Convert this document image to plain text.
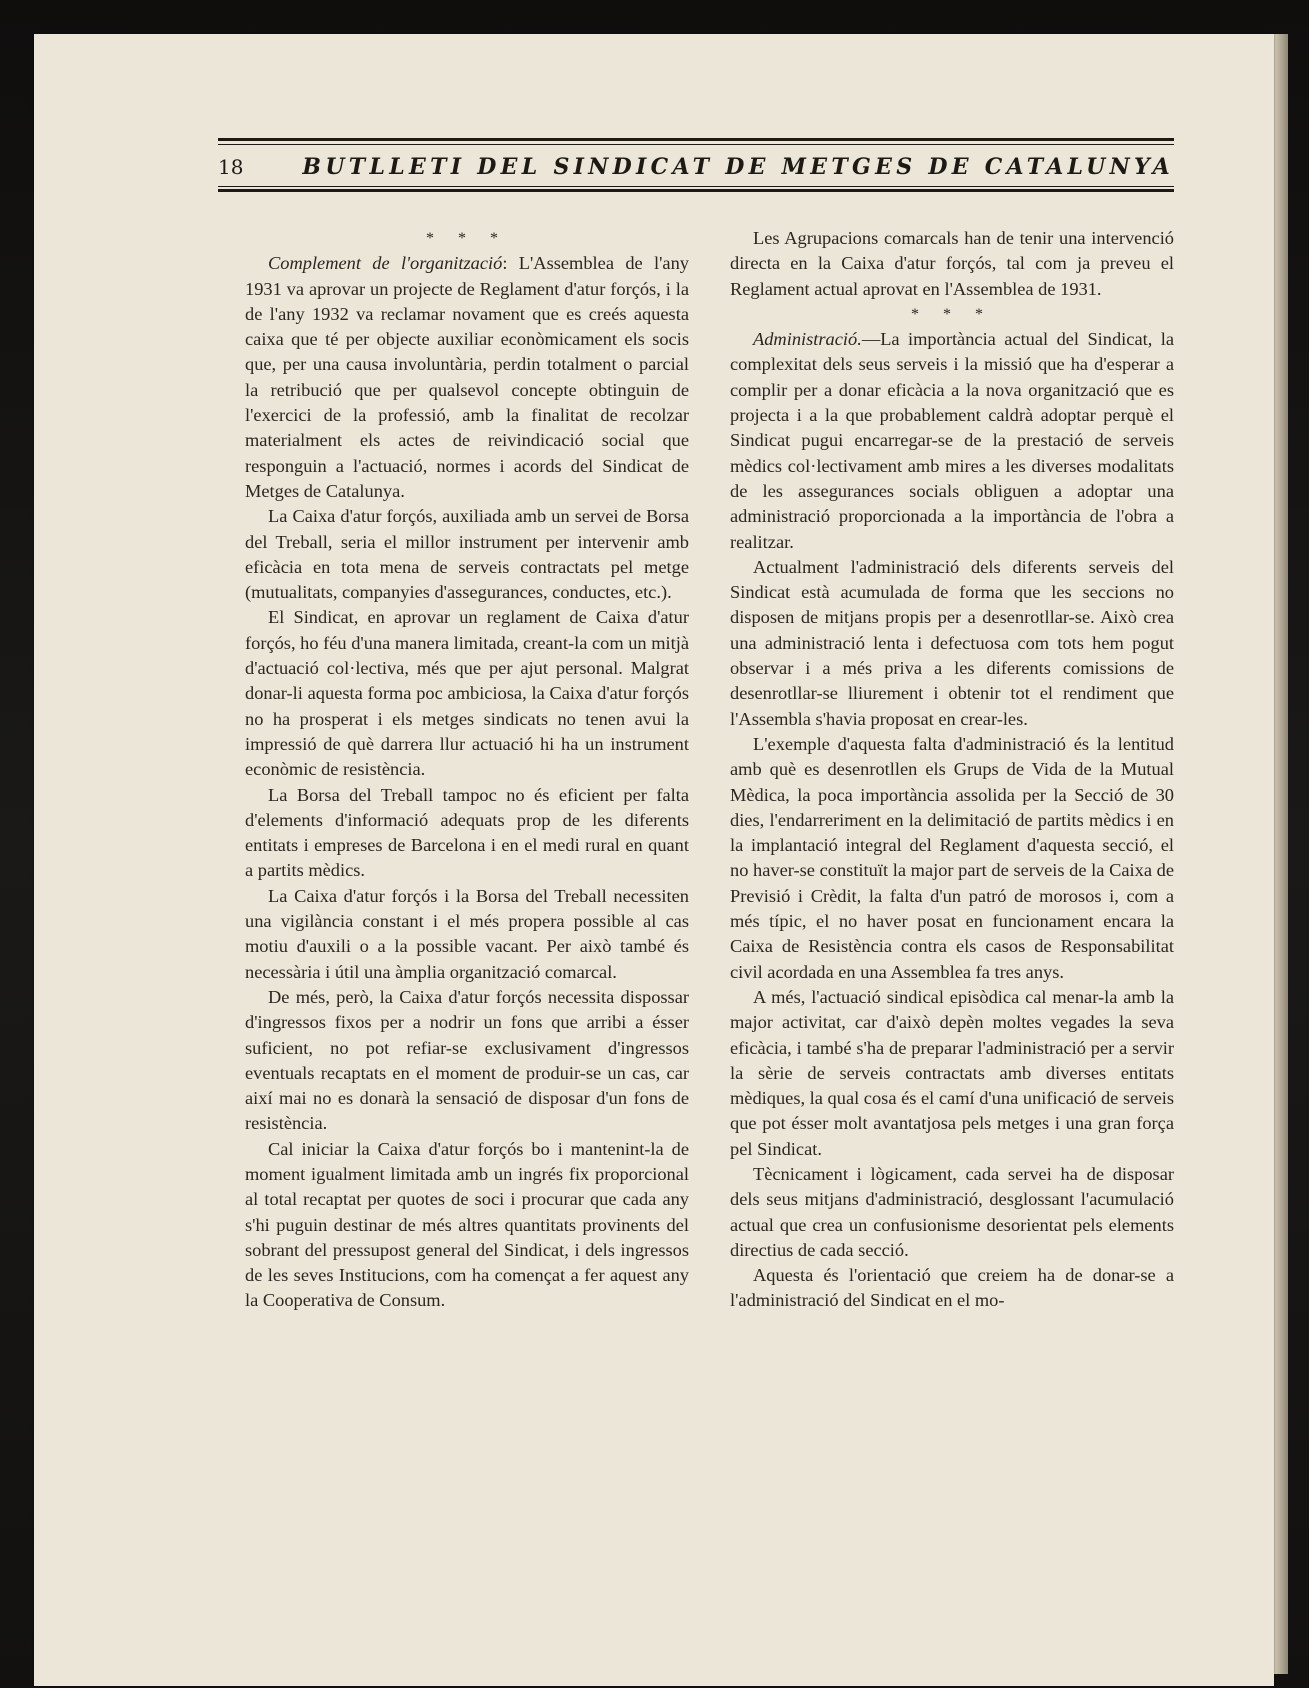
18	BUTLLETI DEL SINDICAT DE METGES DE CATALUNYA
* * *

Complement de l'organització: L'Assemblea de l'any 1931 va aprovar un projecte de Reglament d'atur forçós, i la de l'any 1932 va reclamar novament que es creés aquesta caixa que té per objecte auxiliar econòmicament els socis que, per una causa involuntària, perdin totalment o parcial la retribució que per qualsevol concepte obtinguin de l'exercici de la professió, amb la finalitat de recolzar materialment els actes de reivindicació social que responguin a l'actuació, normes i acords del Sindicat de Metges de Catalunya.

La Caixa d'atur forçós, auxiliada amb un servei de Borsa del Treball, seria el millor instrument per intervenir amb eficàcia en tota mena de serveis contractats pel metge (mutualitats, companyies d'assegurances, conductes, etc.).

El Sindicat, en aprovar un reglament de Caixa d'atur forçós, ho féu d'una manera limitada, creant-la com un mitjà d'actuació col·lectiva, més que per ajut personal. Malgrat donar-li aquesta forma poc ambiciosa, la Caixa d'atur forçós no ha prosperat i els metges sindicats no tenen avui la impressió de què darrera llur actuació hi ha un instrument econòmic de resistència.

La Borsa del Treball tampoc no és eficient per falta d'elements d'informació adequats prop de les diferents entitats i empreses de Barcelona i en el medi rural en quant a partits mèdics.

La Caixa d'atur forçós i la Borsa del Treball necessiten una vigilància constant i el més propera possible al cas motiu d'auxili o a la possible vacant. Per això també és necessària i útil una àmplia organització comarcal.

De més, però, la Caixa d'atur forçós necessita dispossar d'ingressos fixos per a nodrir un fons que arribi a ésser suficient, no pot refiar-se exclusivament d'ingressos eventuals recaptats en el moment de produir-se un cas, car així mai no es donarà la sensació de disposar d'un fons de resistència.

Cal iniciar la Caixa d'atur forçós bo i mantenint-la de moment igualment limitada amb un ingrés fix proporcional al total recaptat per quotes de soci i procurar que cada any s'hi puguin destinar de més altres quantitats provinents del sobrant del pressupost general del Sindicat, i dels ingressos de les seves Institucions, com ha començat a fer aquest any la Cooperativa de Consum.

Les Agrupacions comarcals han de tenir una intervenció directa en la Caixa d'atur forçós, tal com ja preveu el Reglament actual aprovat en l'Assemblea de 1931.

* * *

Administració.—La importància actual del Sindicat, la complexitat dels seus serveis i la missió que ha d'esperar a complir per a donar eficàcia a la nova organització que es projecta i a la que probablement caldrà adoptar perquè el Sindicat pugui encarregar-se de la prestació de serveis mèdics col·lectivament amb mires a les diverses modalitats de les assegurances socials obliguen a adoptar una administració proporcionada a la importància de l'obra a realitzar.

Actualment l'administració dels diferents serveis del Sindicat està acumulada de forma que les seccions no disposen de mitjans propis per a desenrotllar-se. Això crea una administració lenta i defectuosa com tots hem pogut observar i a més priva a les diferents comissions de desenrotllar-se lliurement i obtenir tot el rendiment que l'Assembla s'havia proposat en crear-les.

L'exemple d'aquesta falta d'administració és la lentitud amb què es desenrotllen els Grups de Vida de la Mutual Mèdica, la poca importància assolida per la Secció de 30 dies, l'endarreriment en la delimitació de partits mèdics i en la implantació integral del Reglament d'aquesta secció, el no haver-se constituït la major part de serveis de la Caixa de Previsió i Crèdit, la falta d'un patró de morosos i, com a més típic, el no haver posat en funcionament encara la Caixa de Resistència contra els casos de Responsabilitat civil acordada en una Assemblea fa tres anys.

A més, l'actuació sindical episòdica cal menar-la amb la major activitat, car d'això depèn moltes vegades la seva eficàcia, i també s'ha de preparar l'administració per a servir la sèrie de serveis contractats amb diverses entitats mèdiques, la qual cosa és el camí d'una unificació de serveis que pot ésser molt avantatjosa pels metges i una gran força pel Sindicat.

Tècnicament i lògicament, cada servei ha de disposar dels seus mitjans d'administració, desglossant l'acumulació actual que crea un confusionisme desorientat pels elements directius de cada secció.

Aquesta és l'orientació que creiem ha de donar-se a l'administració del Sindicat en el mo-
